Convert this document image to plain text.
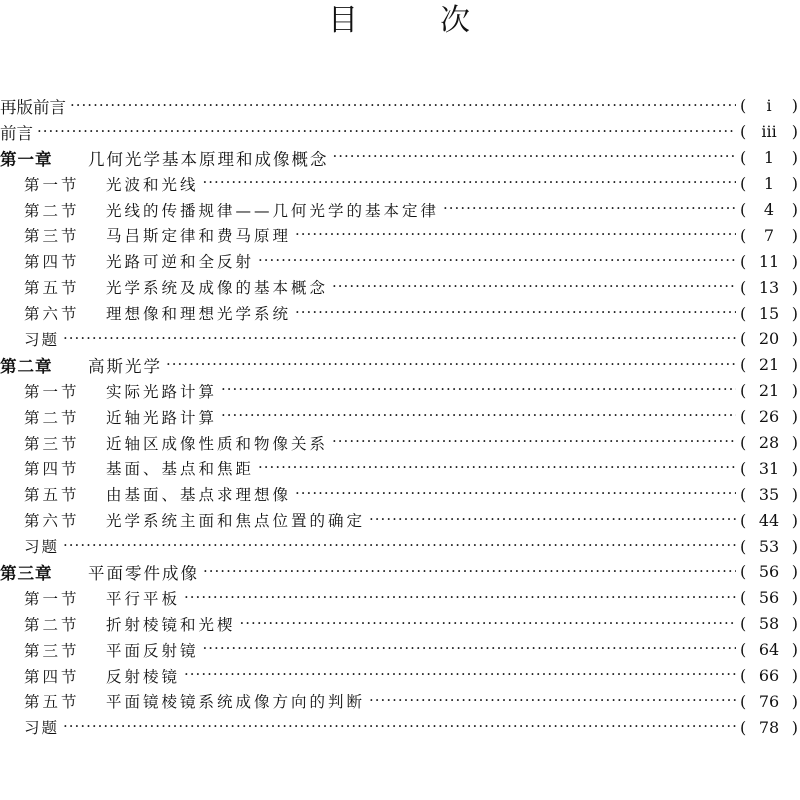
目	次
再版前言 ·····	(	ⅰ	)
前言 ·····	( ⅲ )
第一章	几何光学基本原理和成像概念 ·····	(	1	)
第一节	光波和光线 ·····	(	1	)
第二节	光线的传播规律——几何光学的基本定律 ·····	(	4	)
第三节	马吕斯定律和费马原理 ·····	(	7	)
第四节	光路可逆和全反射 ·····	( 11 )
第五节	光学系统及成像的基本概念 ·····	( 13 )
第六节	理想像和理想光学系统 ·····	( 15 )
习题 ·····	( 20 )
第二章	高斯光学 ·····	( 21 )
第一节	实际光路计算 ·····	( 21 )
第二节	近轴光路计算 ·····	( 26 )
第三节	近轴区成像性质和物像关系 ·····	( 28 )
第四节	基面、基点和焦距 ·····	( 31 )
第五节	由基面、基点求理想像 ·····	( 35 )
第六节	光学系统主面和焦点位置的确定 ·····	( 44 )
习题 ·····	( 53 )
第三章	平面零件成像 ·····	( 56 )
第一节	平行平板 ·····	( 56 )
第二节	折射棱镜和光楔 ·····	( 58 )
第三节	平面反射镜 ·····	( 64 )
第四节	反射棱镜 ·····	( 66 )
第五节	平面镜棱镜系统成像方向的判断 ·····	( 76 )
习题 ·····	( 78 )
